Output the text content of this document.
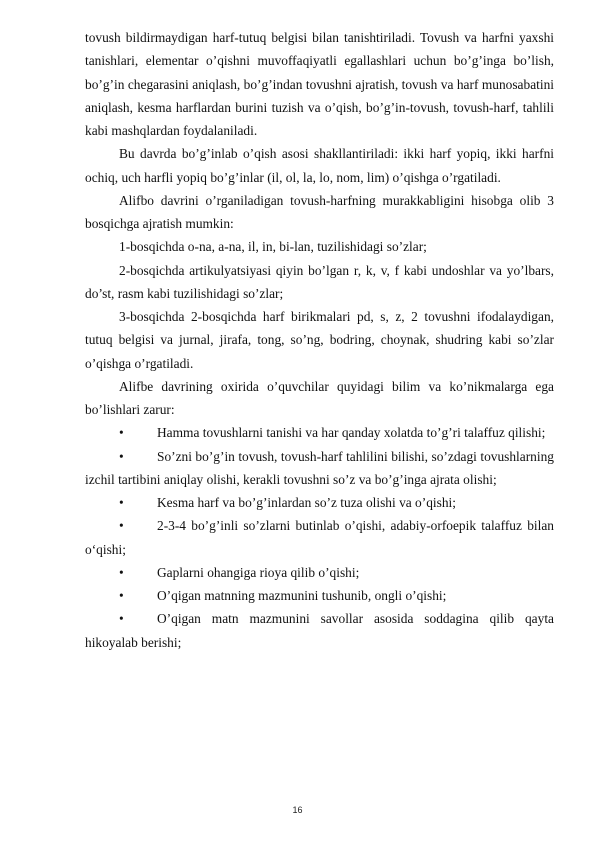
tovush bildirmaydigan harf-tutuq belgisi bilan tanishtiriladi. Tovush va harfni yaxshi tanishlari, elementar o’qishni muvoffaqiyatli egallashlari uchun bo’g’inga bo’lish, bo’g’in chegarasini aniqlash, bo’g’indan tovushni ajratish, tovush va harf munosabatini aniqlash, kesma harflardan burini tuzish va o’qish, bo’g’in-tovush, tovush-harf, tahlili kabi mashqlardan foydalaniladi.

Bu davrda bo’g’inlab o’qish asosi shakllantiriladi: ikki harf yopiq, ikki harfni ochiq, uch harfli yopiq bo’g’inlar (il, ol, la, lo, nom, lim) o’qishga o’rgatiladi.

Alifbo davrini o’rganiladigan tovush-harfning murakkabligini hisobga olib 3 bosqichga ajratish mumkin:

1-bosqichda o-na, a-na, il, in, bi-lan, tuzilishidagi so’zlar;

2-bosqichda artikulyatsiyasi qiyin bo’lgan r, k, v, f kabi undoshlar va yo’lbars, do’st, rasm kabi tuzilishidagi so’zlar;

3-bosqichda 2-bosqichda harf birikmalari pd, s, z, 2 tovushni ifodalaydigan, tutuq belgisi va jurnal, jirafa, tong, so’ng, bodring, choynak, shudring kabi so’zlar o’qishga o’rgatiladi.

Alifbe davrining oxirida o’quvchilar quyidagi bilim va ko’nikmalarga ega bo’lishlari zarur:

• Hamma tovushlarni tanishi va har qanday xolatda to’g’ri talaffuz qilishi;

• So’zni bo’g’in tovush, tovush-harf tahlilini bilishi, so’zdagi tovushlarning izchil tartibini aniqlay olishi, kerakli tovushni so’z va bo’g’inga ajrata olishi;

• Kesma harf va bo’g’inlardan so’z tuza olishi va o’qishi;

• 2-3-4 bo’g’inli so’zlarni butinlab o’qishi, adabiy-orfoepik talaffuz bilan o‘qishi;

• Gaplarni ohangiga rioya qilib o’qishi;

• O’qigan matnning mazmunini tushunib, ongli o’qishi;

• O’qigan matn mazmunini savollar asosida soddagina qilib qayta hikoyalab berishi;

16
